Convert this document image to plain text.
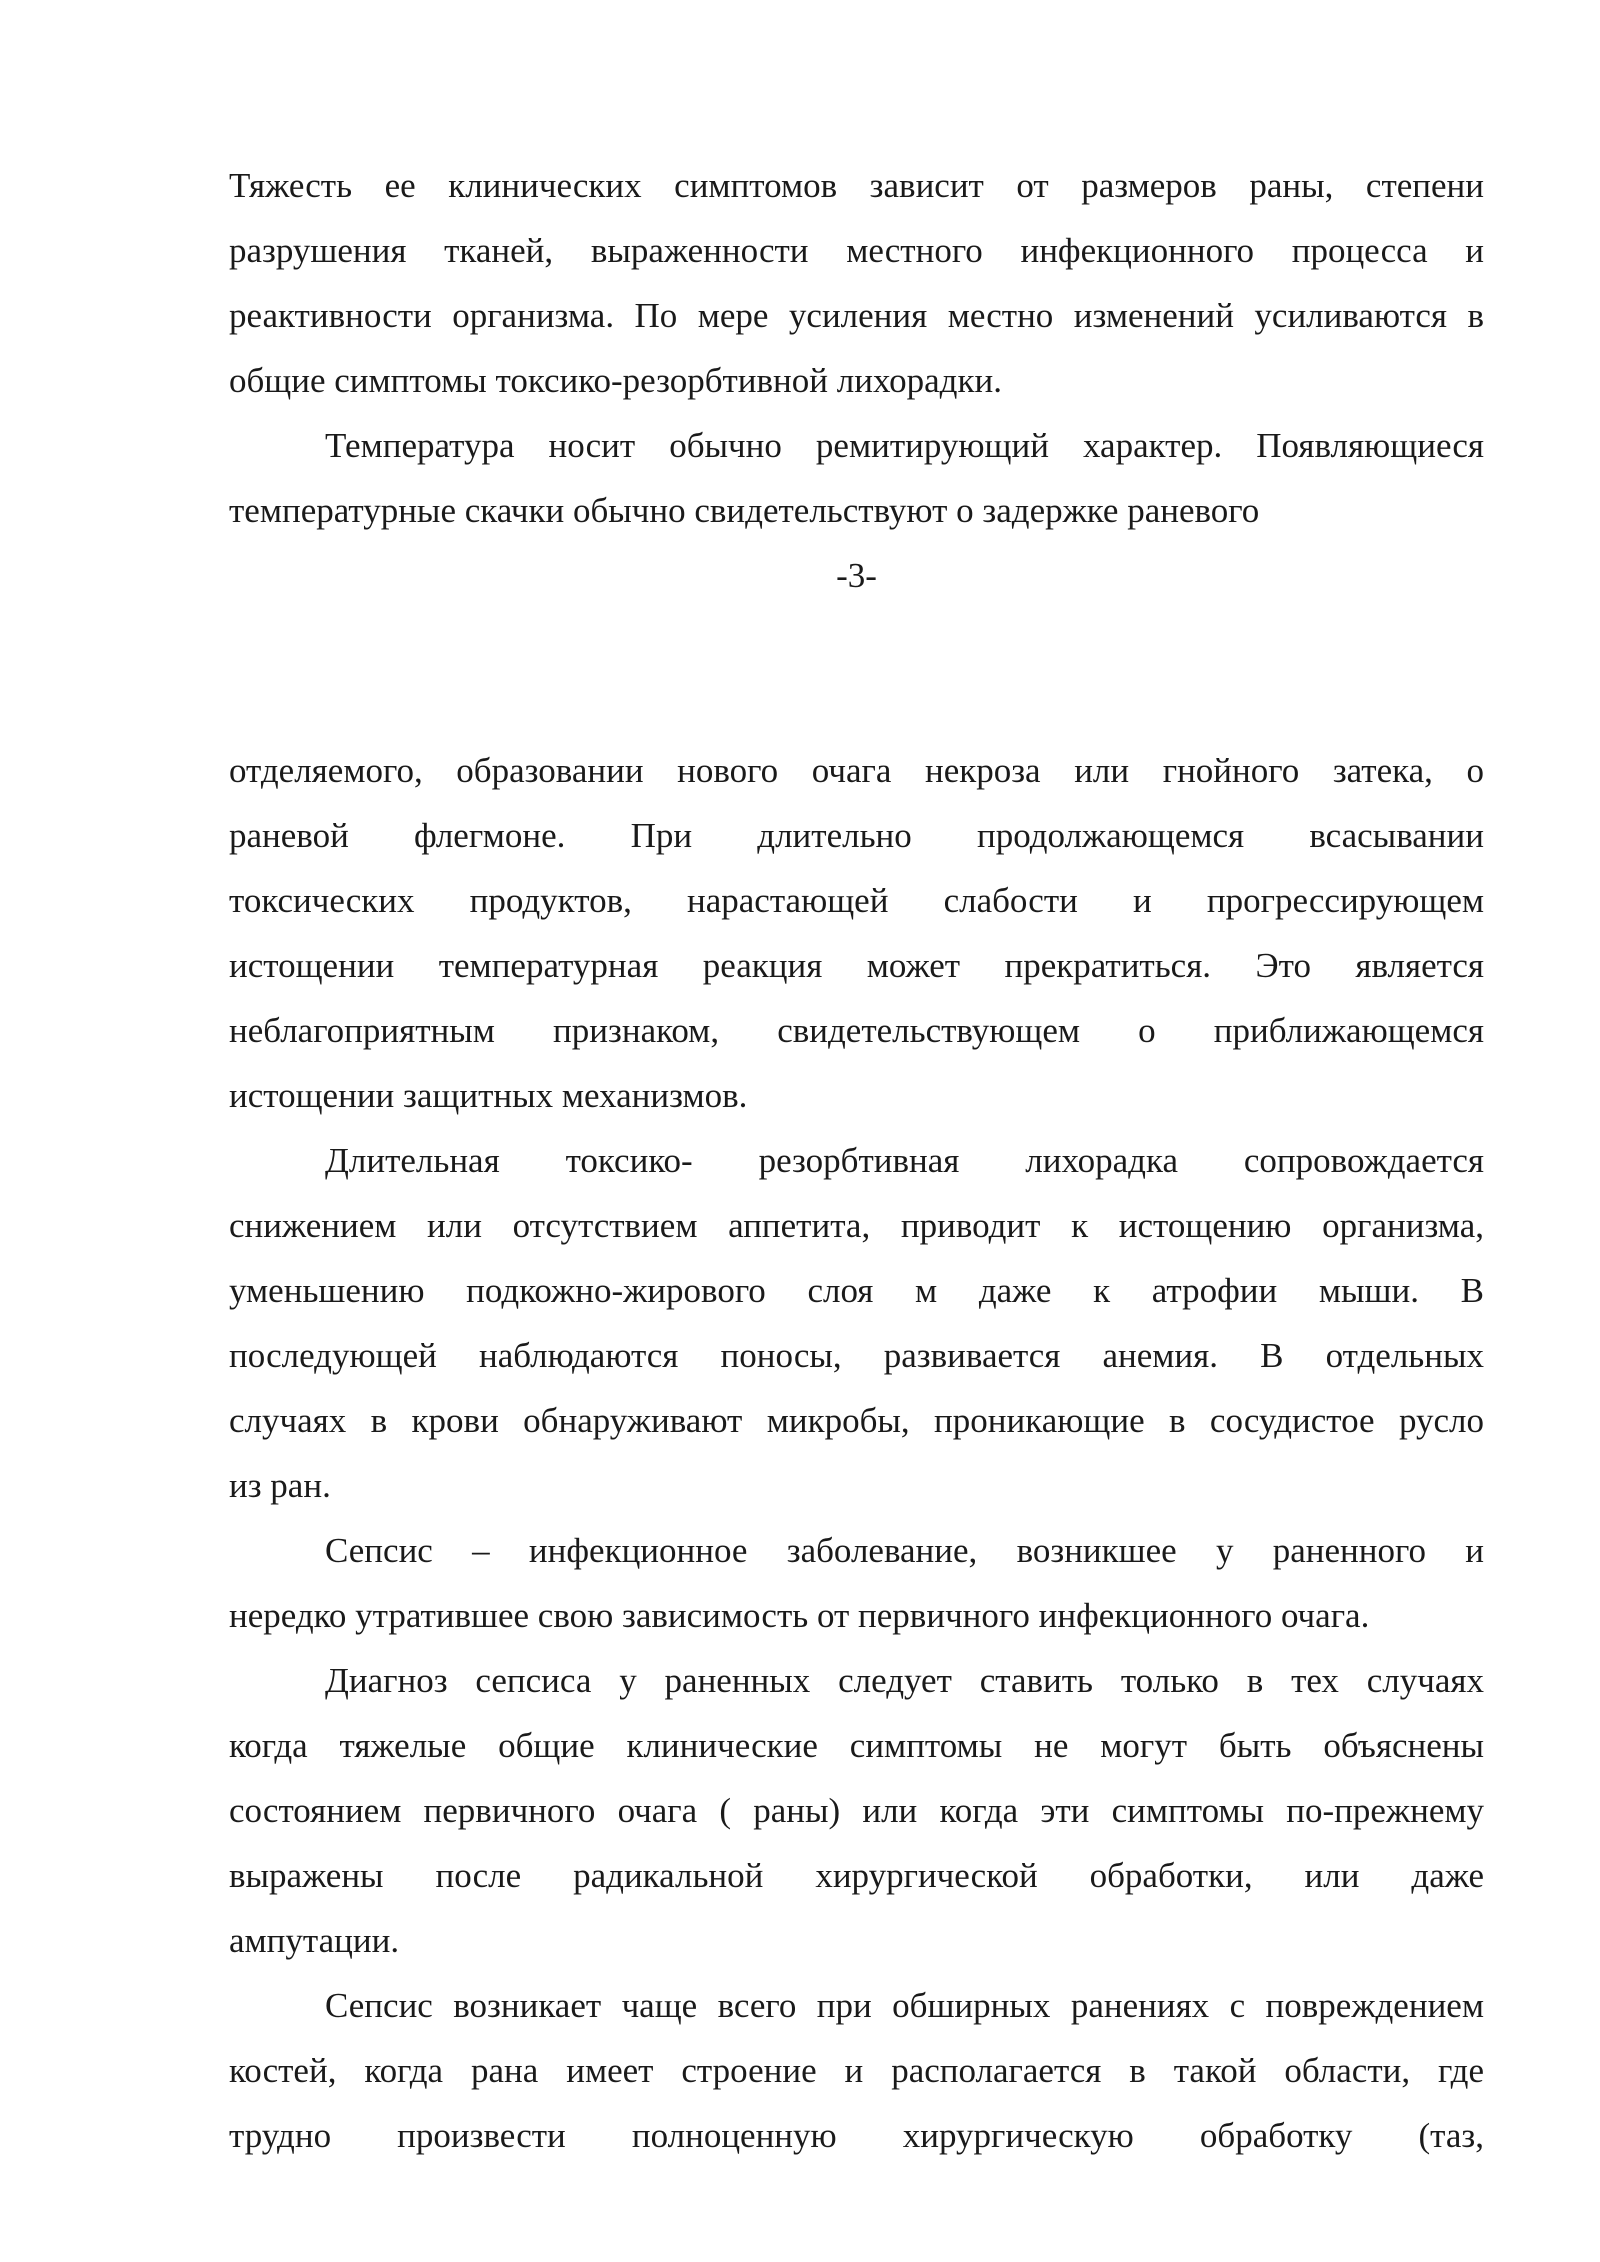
Тяжесть ее клинических симптомов зависит от размеров раны, степени
разрушения тканей, выраженности местного инфекционного процесса и
реактивности организма. По мере усиления местно изменений усиливаются в
общие симптомы токсико-резорбтивной лихорадки.
Температура носит обычно ремитирующий характер. Появляющиеся
температурные скачки обычно свидетельствуют о задержке раневого

-3-

отделяемого, образовании нового очага некроза или гнойного затека, о
раневой флегмоне. При длительно продолжающемся всасывании
токсических продуктов, нарастающей слабости и прогрессирующем
истощении температурная реакция может прекратиться. Это является
неблагоприятным признаком, свидетельствующем о приближающемся
истощении защитных механизмов.
Длительная токсико- резорбтивная лихорадка сопровождается
снижением или отсутствием аппетита, приводит к истощению организма,
уменьшению подкожно-жирового слоя м даже к атрофии мыши. В
последующей наблюдаются поносы, развивается анемия. В отдельных
случаях в крови обнаруживают микробы, проникающие в сосудистое русло
из ран.
Сепсис – инфекционное заболевание, возникшее у раненного и
нередко утратившее свою зависимость от первичного инфекционного очага.
Диагноз сепсиса у раненных следует ставить только в тех случаях
когда тяжелые общие клинические симптомы не могут быть объяснены
состоянием первичного очага ( раны) или когда эти симптомы по-прежнему
выражены после радикальной хирургической обработки, или даже
ампутации.
Сепсис возникает чаще всего при обширных ранениях с повреждением
костей, когда рана имеет строение и располагается в такой области, где
трудно произвести полноценную хирургическую обработку (таз,
